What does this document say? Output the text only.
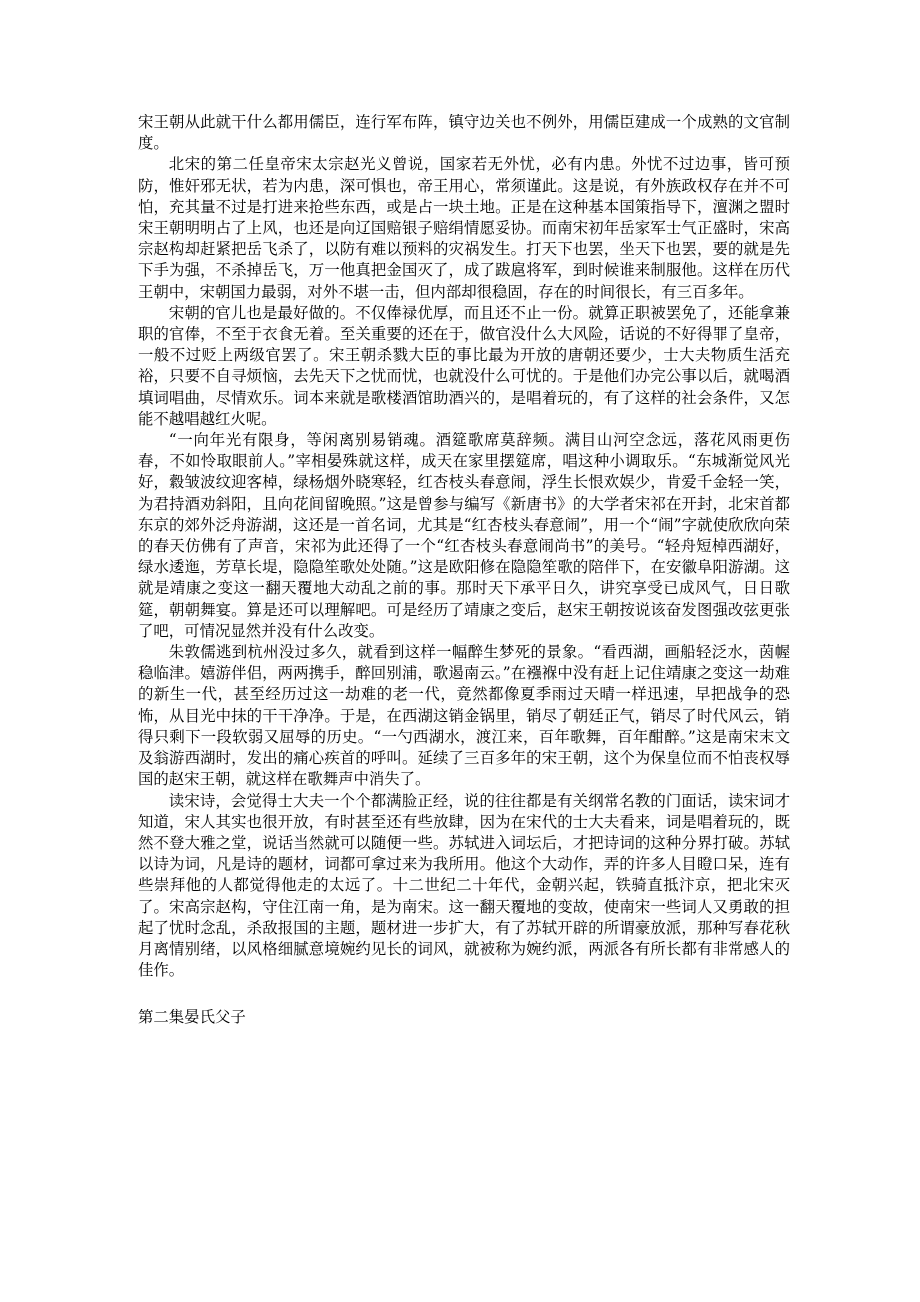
宋王朝从此就干什么都用儒臣，连行军布阵，镇守边关也不例外，用儒臣建成一个成熟的文官制度。

北宋的第二任皇帝宋太宗赵光义曾说，国家若无外忧，必有内患。外忧不过边事，皆可预防，惟奸邪无状，若为内患，深可惧也，帝王用心，常须谨此。这是说，有外族政权存在并不可怕，充其量不过是打进来抢些东西，或是占一块土地。正是在这种基本国策指导下，澶渊之盟时宋王朝明明占了上风，也还是向辽国赔银子赔绢情愿妥协。而南宋初年岳家军士气正盛时，宋高宗赵构却赶紧把岳飞杀了，以防有难以预料的灾祸发生。打天下也罢，坐天下也罢，要的就是先下手为强，不杀掉岳飞，万一他真把金国灭了，成了跋扈将军，到时候谁来制服他。这样在历代王朝中，宋朝国力最弱，对外不堪一击，但内部却很稳固，存在的时间很长，有三百多年。

宋朝的官儿也是最好做的。不仅俸禄优厚，而且还不止一份。就算正职被罢免了，还能拿兼职的官俸，不至于衣食无着。至关重要的还在于，做官没什么大风险，话说的不好得罪了皇帝，一般不过贬上两级官罢了。宋王朝杀戮大臣的事比最为开放的唐朝还要少，士大夫物质生活充裕，只要不自寻烦恼，去先天下之忧而忧，也就没什么可忧的。于是他们办完公事以后，就喝酒填词唱曲，尽情欢乐。词本来就是歌楼酒馆助酒兴的，是唱着玩的，有了这样的社会条件，又怎能不越唱越红火呢。

“一向年光有限身，等闲离别易销魂。酒筵歌席莫辞频。满目山河空念远，落花风雨更伤春，不如怜取眼前人。”宰相晏殊就这样，成天在家里摆筵席，唱这种小调取乐。“东城渐觉风光好，縠皱波纹迎客棹，绿杨烟外晓寒轻，红杏枝头春意闹，浮生长恨欢娱少，肯爱千金轻一笑，为君持酒劝斜阳，且向花间留晚照。”这是曾参与编写《新唐书》的大学者宋祁在开封，北宋首都东京的郊外泛舟游湖，这还是一首名词，尤其是“红杏枝头春意闹”，用一个“闹”字就使欣欣向荣的春天仿佛有了声音，宋祁为此还得了一个“红杏枝头春意闹尚书”的美号。“轻舟短棹西湖好，绿水逶迤，芳草长堤，隐隐笙歌处处随。”这是欧阳修在隐隐笙歌的陪伴下，在安徽阜阳游湖。这就是靖康之变这一翻天覆地大动乱之前的事。那时天下承平日久，讲究享受已成风气，日日歌筵，朝朝舞宴。算是还可以理解吧。可是经历了靖康之变后，赵宋王朝按说该奋发图强改弦更张了吧，可情况显然并没有什么改变。

朱敦儒逃到杭州没过多久，就看到这样一幅醉生梦死的景象。“看西湖，画船轻泛水，茵幄稳临津。嬉游伴侣，两两携手，醉回别浦，歌遏南云。”在襁褓中没有赶上记住靖康之变这一劫难的新生一代，甚至经历过这一劫难的老一代，竟然都像夏季雨过天晴一样迅速，早把战争的恐怖，从目光中抹的干干净净。于是，在西湖这销金锅里，销尽了朝廷正气，销尽了时代风云，销得只剩下一段软弱又屈辱的历史。“一勺西湖水，渡江来，百年歌舞，百年酣醉。”这是南宋末文及翁游西湖时，发出的痛心疾首的呼叫。延续了三百多年的宋王朝，这个为保皇位而不怕丧权辱国的赵宋王朝，就这样在歌舞声中消失了。

读宋诗，会觉得士大夫一个个都满脸正经，说的往往都是有关纲常名教的门面话，读宋词才知道，宋人其实也很开放，有时甚至还有些放肆，因为在宋代的士大夫看来，词是唱着玩的，既然不登大雅之堂，说话当然就可以随便一些。苏轼进入词坛后，才把诗词的这种分界打破。苏轼以诗为词，凡是诗的题材，词都可拿过来为我所用。他这个大动作，弄的许多人目瞪口呆，连有些崇拜他的人都觉得他走的太远了。十二世纪二十年代，金朝兴起，铁骑直抵汴京，把北宋灭了。宋高宗赵构，守住江南一角，是为南宋。这一翻天覆地的变故，使南宋一些词人又勇敢的担起了忧时念乱，杀敌报国的主题，题材进一步扩大，有了苏轼开辟的所谓豪放派，那种写春花秋月离情别绪，以风格细腻意境婉约见长的词风，就被称为婉约派，两派各有所长都有非常感人的佳作。

第二集晏氏父子
